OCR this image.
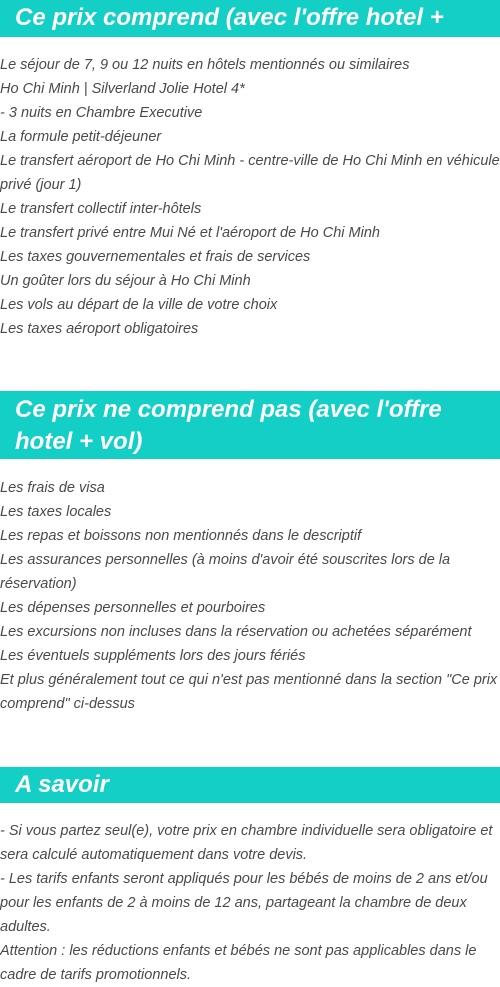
Ce prix comprend (avec l'offre hotel + vol)
Le séjour de 7, 9 ou 12 nuits en hôtels mentionnés ou similaires
Ho Chi Minh | Silverland Jolie Hotel 4*
- 3 nuits en Chambre Executive
La formule petit-déjeuner
Le transfert aéroport de Ho Chi Minh - centre-ville de Ho Chi Minh en véhicule privé (jour 1)
Le transfert collectif inter-hôtels
Le transfert privé entre Mui Né et l'aéroport de Ho Chi Minh
Les taxes gouvernementales et frais de services
Un goûter lors du séjour à Ho Chi Minh
Les vols au départ de la ville de votre choix
Les taxes aéroport obligatoires
Ce prix ne comprend pas (avec l'offre hotel + vol)
Les frais de visa
Les taxes locales
Les repas et boissons non mentionnés dans le descriptif
Les assurances personnelles (à moins d'avoir été souscrites lors de la réservation)
Les dépenses personnelles et pourboires
Les excursions non incluses dans la réservation ou achetées séparément
Les éventuels suppléments lors des jours fériés
Et plus généralement tout ce qui n'est pas mentionné dans la section "Ce prix comprend" ci-dessus
A savoir
- Si vous partez seul(e), votre prix en chambre individuelle sera obligatoire et sera calculé automatiquement dans votre devis.
- Les tarifs enfants seront appliqués pour les bébés de moins de 2 ans et/ou pour les enfants de 2 à moins de 12 ans, partageant la chambre de deux adultes.
Attention : les réductions enfants et bébés ne sont pas applicables dans le cadre de tarifs promotionnels.
